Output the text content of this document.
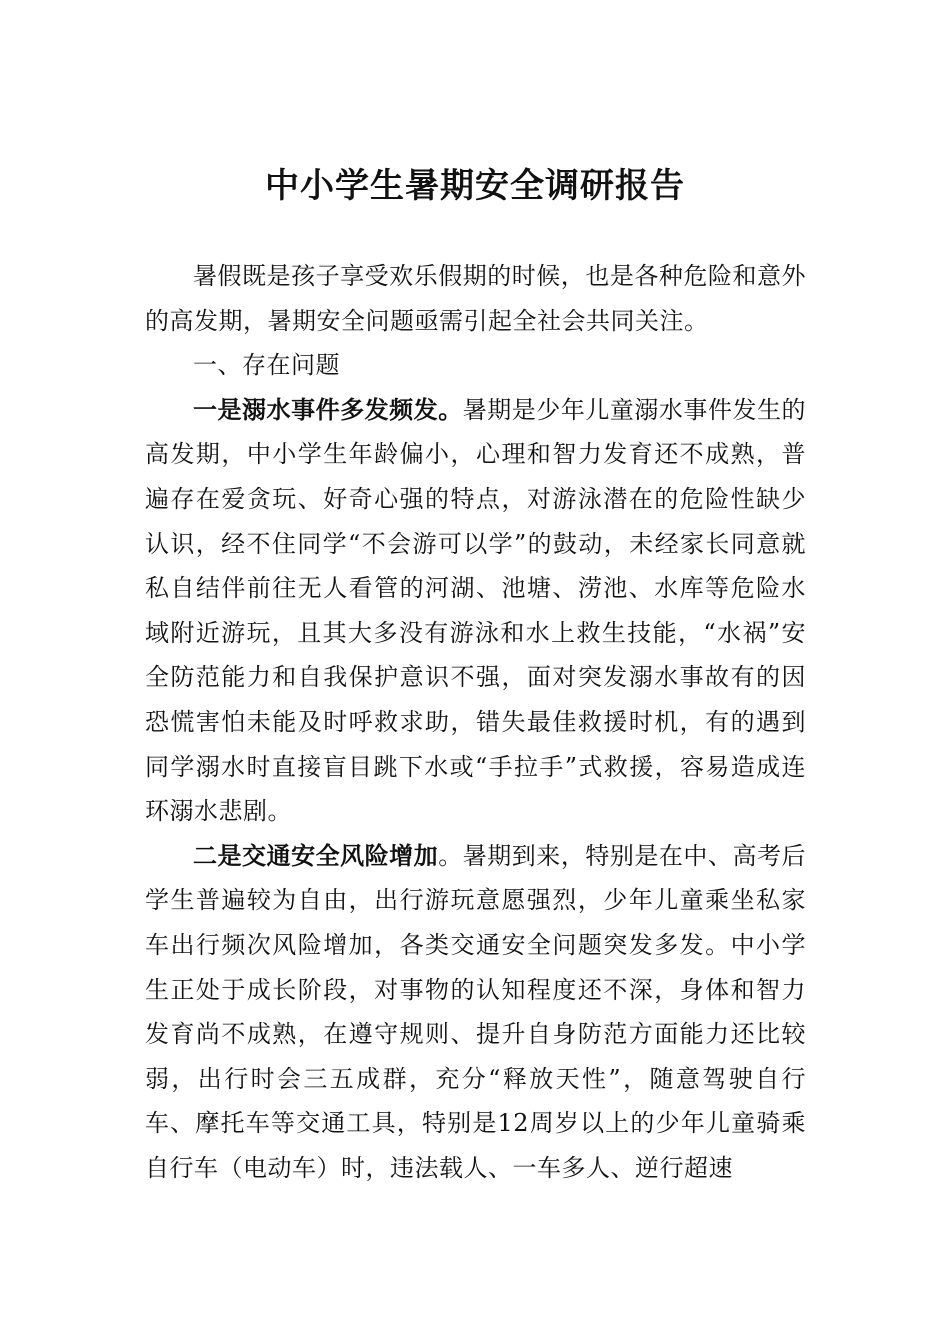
中小学生暑期安全调研报告

暑假既是孩子享受欢乐假期的时候，也是各种危险和意外的高发期，暑期安全问题亟需引起全社会共同关注。

一、存在问题

一是溺水事件多发频发。暑期是少年儿童溺水事件发生的高发期，中小学生年龄偏小，心理和智力发育还不成熟，普遍存在爱贪玩、好奇心强的特点，对游泳潜在的危险性缺少认识，经不住同学“不会游可以学”的鼓动，未经家长同意就私自结伴前往无人看管的河湖、池塘、涝池、水库等危险水域附近游玩，且其大多没有游泳和水上救生技能，“水祸”安全防范能力和自我保护意识不强，面对突发溺水事故有的因恐慌害怕未能及时呼救求助，错失最佳救援时机，有的遇到同学溺水时直接盲目跳下水或“手拉手”式救援，容易造成连环溺水悲剧。

二是交通安全风险增加。暑期到来，特别是在中、高考后学生普遍较为自由，出行游玩意愿强烈，少年儿童乘坐私家车出行频次风险增加，各类交通安全问题突发多发。中小学生正处于成长阶段，对事物的认知程度还不深，身体和智力发育尚不成熟，在遵守规则、提升自身防范方面能力还比较弱，出行时会三五成群，充分“释放天性”，随意驾驶自行车、摩托车等交通工具，特别是12周岁以上的少年儿童骑乘自行车（电动车）时，违法载人、一车多人、逆行超速
